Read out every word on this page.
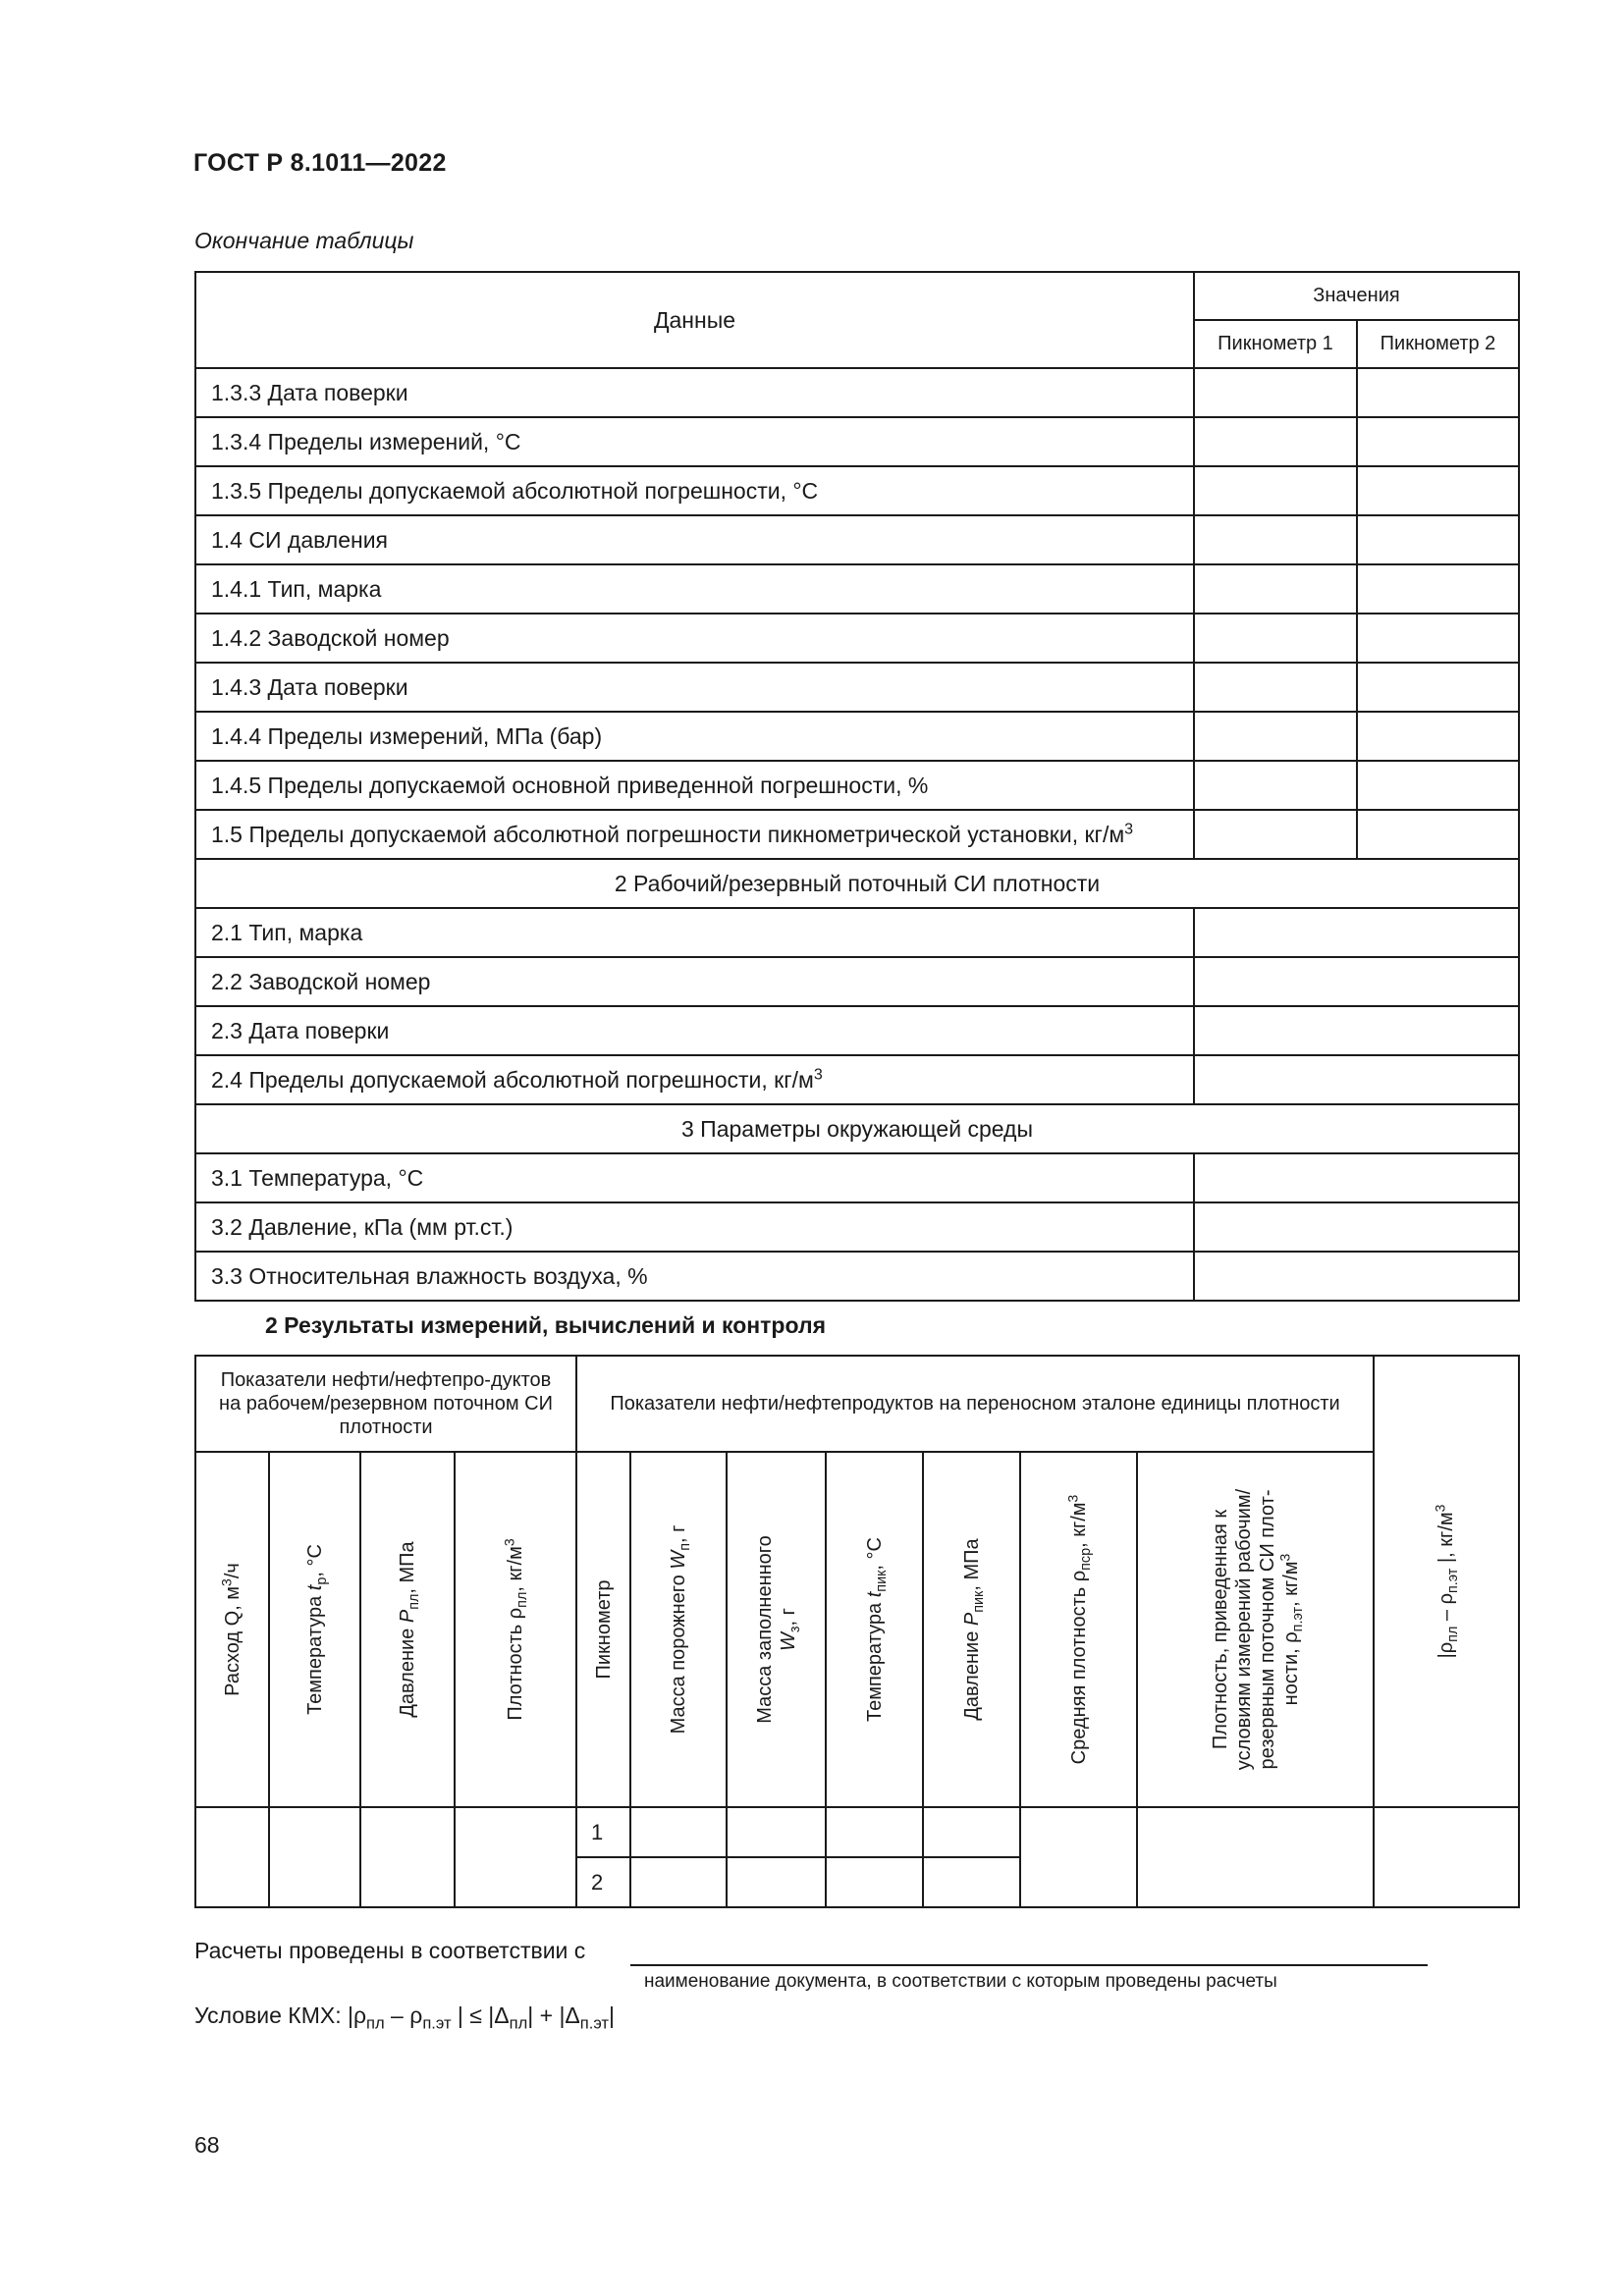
ГОСТ Р 8.1011—2022
Окончание таблицы
Данные	Значения	
	Пикнометр 1	Пикнометр 2
1.3.3 Дата поверки		
1.3.4 Пределы измерений, °С		
1.3.5 Пределы допускаемой абсолютной погрешности, °С		
1.4 СИ давления		
1.4.1 Тип, марка		
1.4.2 Заводской номер		
1.4.3 Дата поверки		
1.4.4 Пределы измерений, МПа (бар)		
1.4.5 Пределы допускаемой основной приведенной погрешности, %		
1.5 Пределы допускаемой абсолютной погрешности пикнометрической установки, $кг/м^3$		
2 Рабочий/резервный поточный СИ плотности		
2.1 Тип, марка		
2.2 Заводской номер		
2.3 Дата поверки		
2.4 Пределы допускаемой абсолютной погрешности, $кг/м^3$	
3 Параметры окружающей среды		
3.1 Температура, °С		
3.2 Давление, кПа (мм рт.ст.)		
3.3 Относительная влажность воздуха, %		
2 Результаты измерений, вычислений и контроля
Показатели нефти/нефтепро-дуктов на рабочем/резервном поточном СИ плотности				Показатели нефти/нефтепродуктов на переносном эталоне единицы плотности							$|\rho_{пл} - \rho_{п.эт}$ |, $кг/м^3$

Расход Q, $м^3/ч$	Температура $t_р$, °С	Давление $P_{пл}$, МПа	Плотность $\rho_{пл}$, $кг/м^3$	Пикнометр	Масса порожнего $W_п$, г	Масса заполненного $W_з$, г	Температура $t_{пик}$, °С	Давление $P_{пик}$, МПа	Средняя плотность $\rho_{пср}$, $кг/м^3$	Плотность, приведенная к условиям измерений рабочим/ резервным поточном СИ плот- ности, $\rho_{п.эт}$, $кг/м^3$

				1							
				2							
Расчеты проведены в соответствии с
наименование документа, в соответствии с которым проведены расчеты
Условие КМХ: $|\rho_{пл} - \rho_{п.эт}$ | ≤ $|\Delta_{пл}| + |\Delta_{п.эт}|$
68
